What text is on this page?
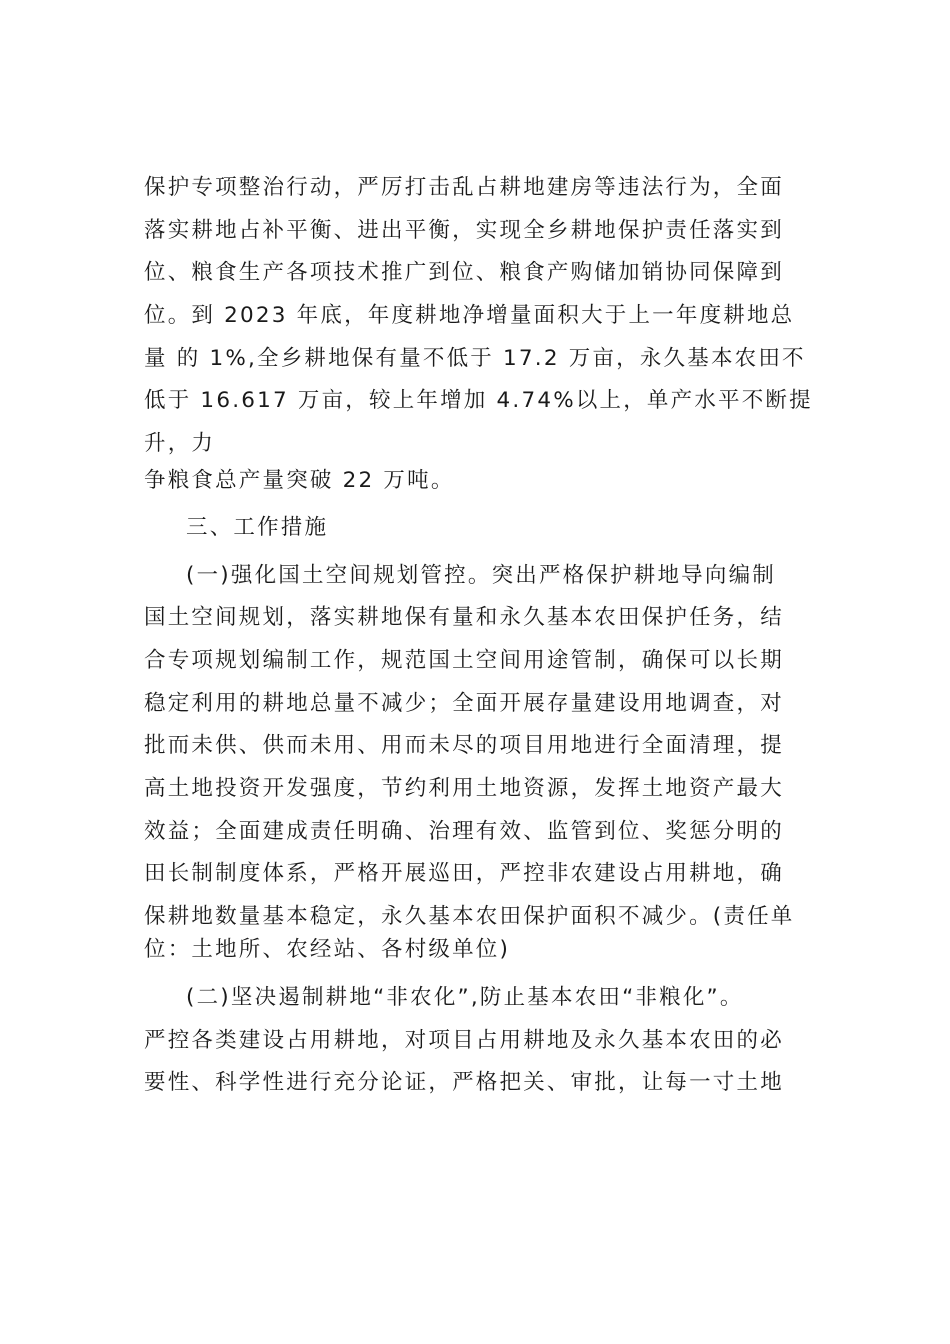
保护专项整治行动，严厉打击乱占耕地建房等违法行为，全面
落实耕地占补平衡、进出平衡，实现全乡耕地保护责任落实到
位、粮食生产各项技术推广到位、粮食产购储加销协同保障到
位。到 2023 年底，年度耕地净增量面积大于上一年度耕地总
量 的 1%,全乡耕地保有量不低于 17.2 万亩，永久基本农田不
低于 16.617 万亩，较上年增加 4.74%以上，单产水平不断提
升，力
争粮食总产量突破 22 万吨。
三、工作措施
(一)强化国土空间规划管控。突出严格保护耕地导向编制
国土空间规划，落实耕地保有量和永久基本农田保护任务，结
合专项规划编制工作，规范国土空间用途管制，确保可以长期
稳定利用的耕地总量不减少；全面开展存量建设用地调查，对
批而未供、供而未用、用而未尽的项目用地进行全面清理，提
高土地投资开发强度，节约利用土地资源，发挥土地资产最大
效益；全面建成责任明确、治理有效、监管到位、奖惩分明的
田长制制度体系，严格开展巡田，严控非农建设占用耕地，确
保耕地数量基本稳定，永久基本农田保护面积不减少。(责任单
位：土地所、农经站、各村级单位)
(二)坚决遏制耕地“非农化”,防止基本农田“非粮化”。
严控各类建设占用耕地，对项目占用耕地及永久基本农田的必
要性、科学性进行充分论证，严格把关、审批，让每一寸土地
